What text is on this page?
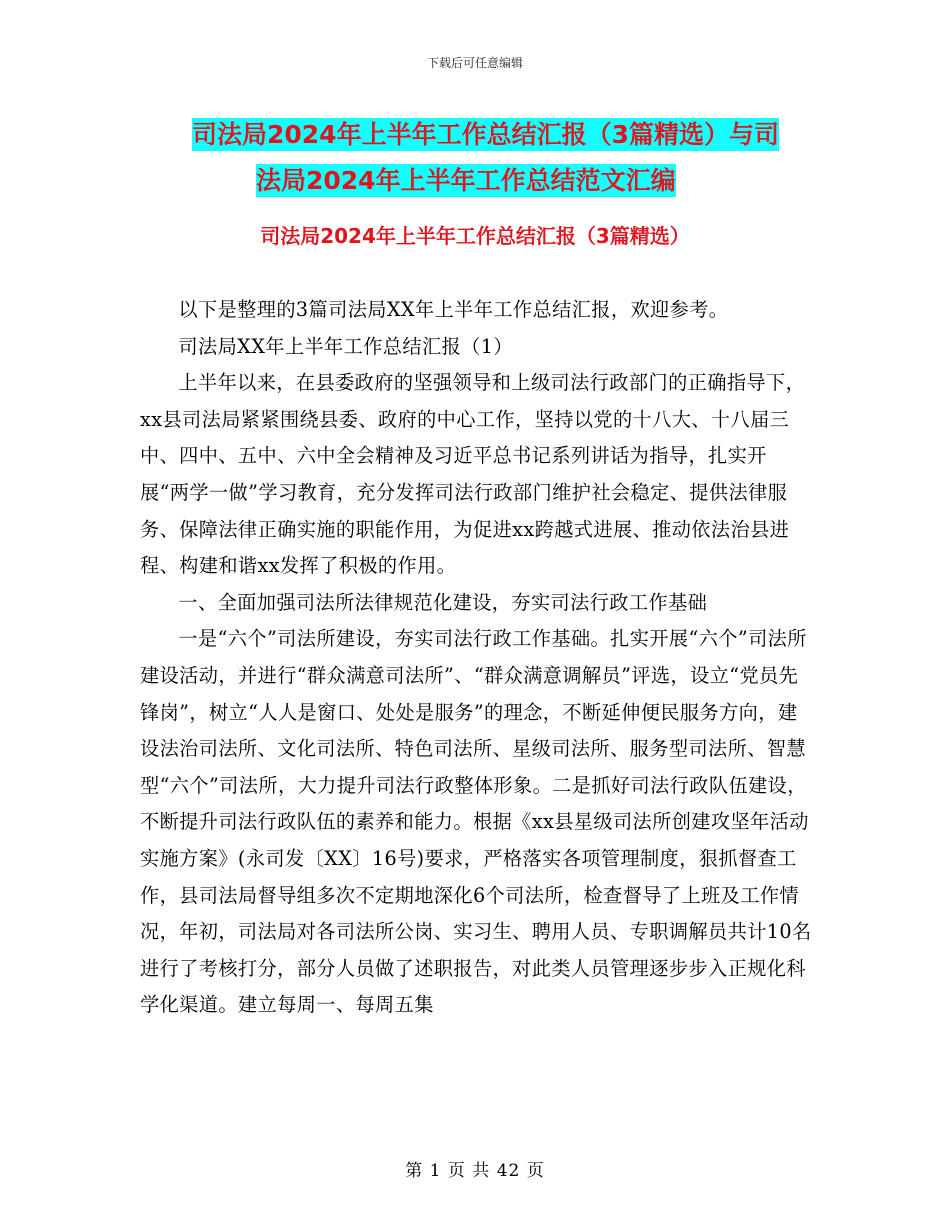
下载后可任意编辑
司法局2024年上半年工作总结汇报（3篇精选）与司
法局2024年上半年工作总结范文汇编
司法局2024年上半年工作总结汇报（3篇精选）

以下是整理的3篇司法局XX年上半年工作总结汇报，欢迎参考。

司法局XX年上半年工作总结汇报（1）

上半年以来，在县委政府的坚强领导和上级司法行政部门的正确指导下，xx县司法局紧紧围绕县委、政府的中心工作，坚持以党的十八大、十八届三中、四中、五中、六中全会精神及习近平总书记系列讲话为指导，扎实开展“两学一做”学习教育，充分发挥司法行政部门维护社会稳定、提供法律服务、保障法律正确实施的职能作用，为促进xx跨越式进展、推动依法治县进程、构建和谐xx发挥了积极的作用。

一、全面加强司法所法律规范化建设，夯实司法行政工作基础

一是“六个”司法所建设，夯实司法行政工作基础。扎实开展“六个”司法所建设活动，并进行“群众满意司法所”、“群众满意调解员”评选，设立“党员先锋岗”，树立“人人是窗口、处处是服务”的理念，不断延伸便民服务方向，建设法治司法所、文化司法所、特色司法所、星级司法所、服务型司法所、智慧型“六个”司法所，大力提升司法行政整体形象。二是抓好司法行政队伍建设，不断提升司法行政队伍的素养和能力。根据《xx县星级司法所创建攻坚年活动实施方案》(永司发〔XX〕16号)要求，严格落实各项管理制度，狠抓督查工作，县司法局督导组多次不定期地深化6个司法所，检查督导了上班及工作情况，年初，司法局对各司法所公岗、实习生、聘用人员、专职调解员共计10名进行了考核打分，部分人员做了述职报告，对此类人员管理逐步步入正规化科学化渠道。建立每周一、每周五集

第 1 页 共 42 页
